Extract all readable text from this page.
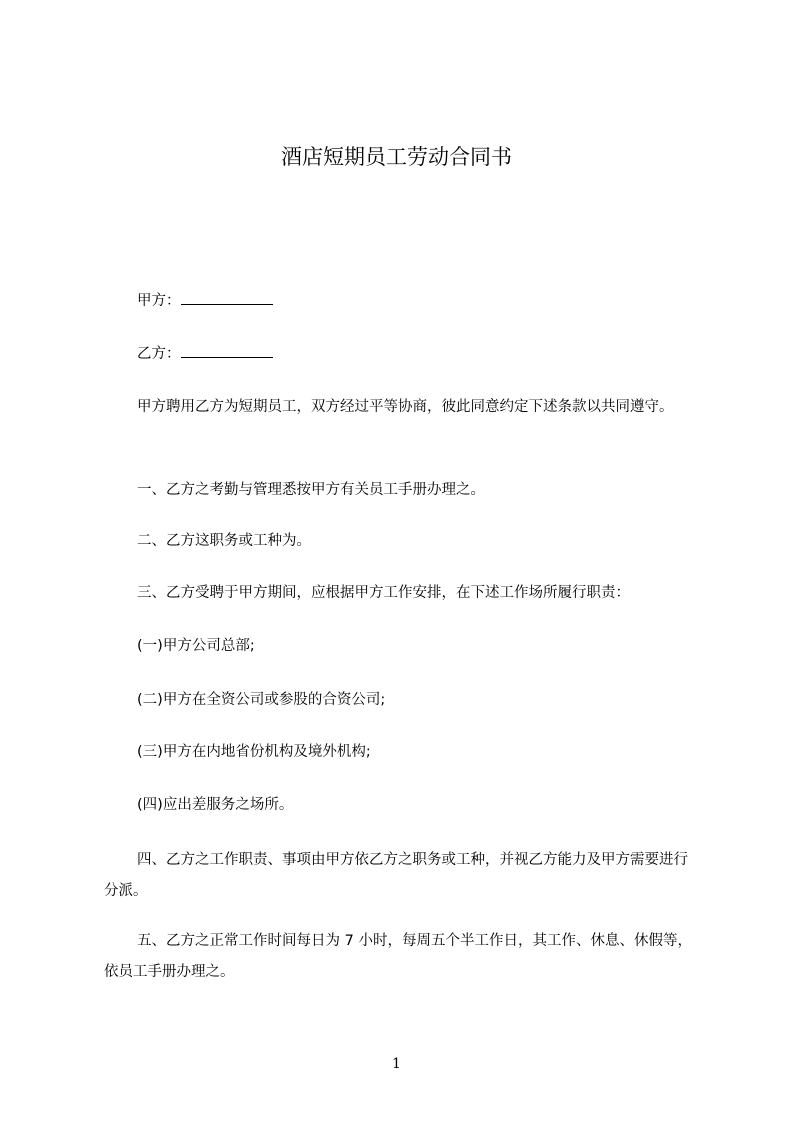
酒店短期员工劳动合同书
甲方：
乙方：
甲方聘用乙方为短期员工，双方经过平等协商，彼此同意约定下述条款以共同遵守。
一、乙方之考勤与管理悉按甲方有关员工手册办理之。
二、乙方这职务或工种为。
三、乙方受聘于甲方期间，应根据甲方工作安排，在下述工作场所履行职责：
(一)甲方公司总部;
(二)甲方在全资公司或参股的合资公司;
(三)甲方在内地省份机构及境外机构;
(四)应出差服务之场所。
四、乙方之工作职责、事项由甲方依乙方之职务或工种，并视乙方能力及甲方需要进行分派。
五、乙方之正常工作时间每日为 7 小时，每周五个半工作日，其工作、休息、休假等，依员工手册办理之。
1
